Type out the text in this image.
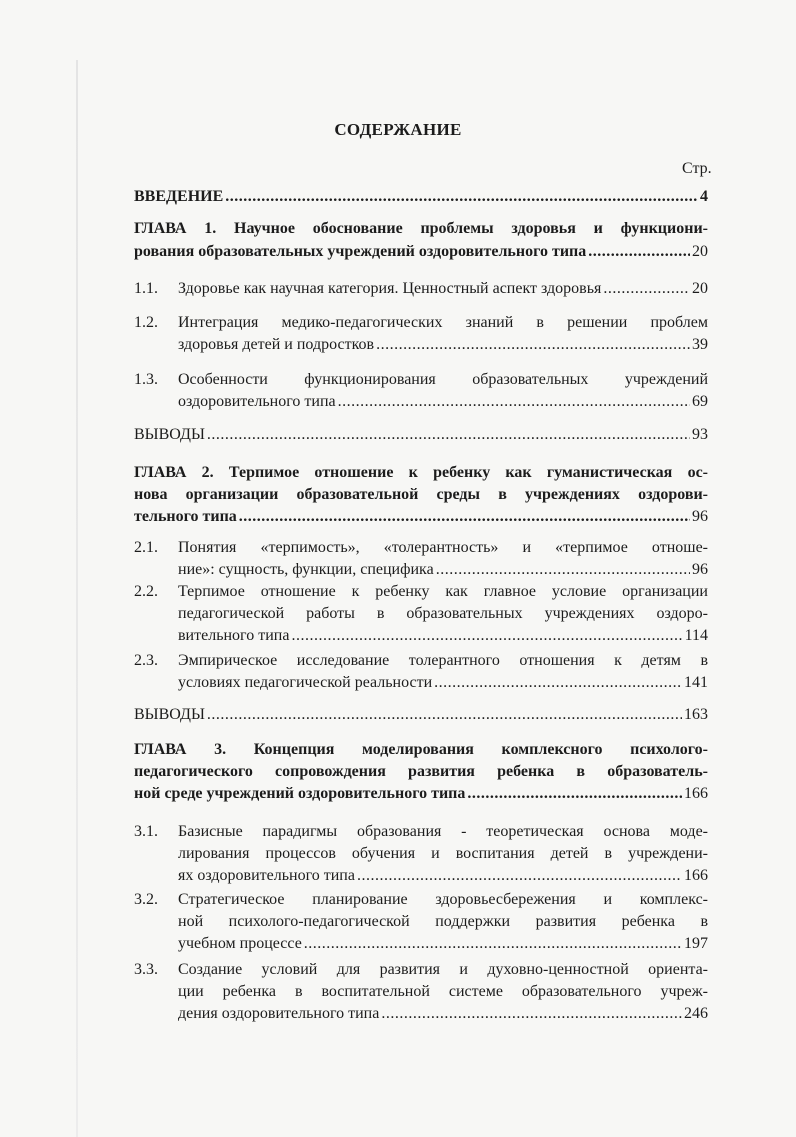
СОДЕРЖАНИЕ
Стр.
ВВЕДЕНИЕ .....	4
ГЛАВА 1. Научное обоснование проблемы здоровья и функциони-
рования образовательных учреждений оздоровительного типа .....	20
1.1. Здоровье как научная категория. Ценностный аспект здоровья .....	20
1.2. Интеграция медико-педагогических знаний в решении проблем
здоровья детей и подростков .....	39
1.3. Особенности функционирования образовательных учреждений
оздоровительного типа .....	69
ВЫВОДЫ .....	93
ГЛАВА 2. Терпимое отношение к ребенку как гуманистическая ос-
нова организации образовательной среды в учреждениях оздорови-
тельного типа .....	96
2.1. Понятия «терпимость», «толерантность» и «терпимое отноше-
ние»: сущность, функции, специфика .....	96
2.2. Терпимое отношение к ребенку как главное условие организации
педагогической работы в образовательных учреждениях оздоро-
вительного типа .....	114
2.3. Эмпирическое исследование толерантного отношения к детям в
условиях педагогической реальности .....	141
ВЫВОДЫ .....	163
ГЛАВА 3. Концепция моделирования комплексного психолого-
педагогического сопровождения развития ребенка в образователь-
ной среде учреждений оздоровительного типа .....	166
3.1. Базисные парадигмы образования - теоретическая основа моде-
лирования процессов обучения и воспитания детей в учреждени-
ях оздоровительного типа .....	166
3.2. Стратегическое планирование здоровьесбережения и комплекс-
ной психолого-педагогической поддержки развития ребенка в
учебном процессе .....	197
3.3. Создание условий для развития и духовно-ценностной ориента-
ции ребенка в воспитательной системе образовательного учреж-
дения оздоровительного типа .....	246
